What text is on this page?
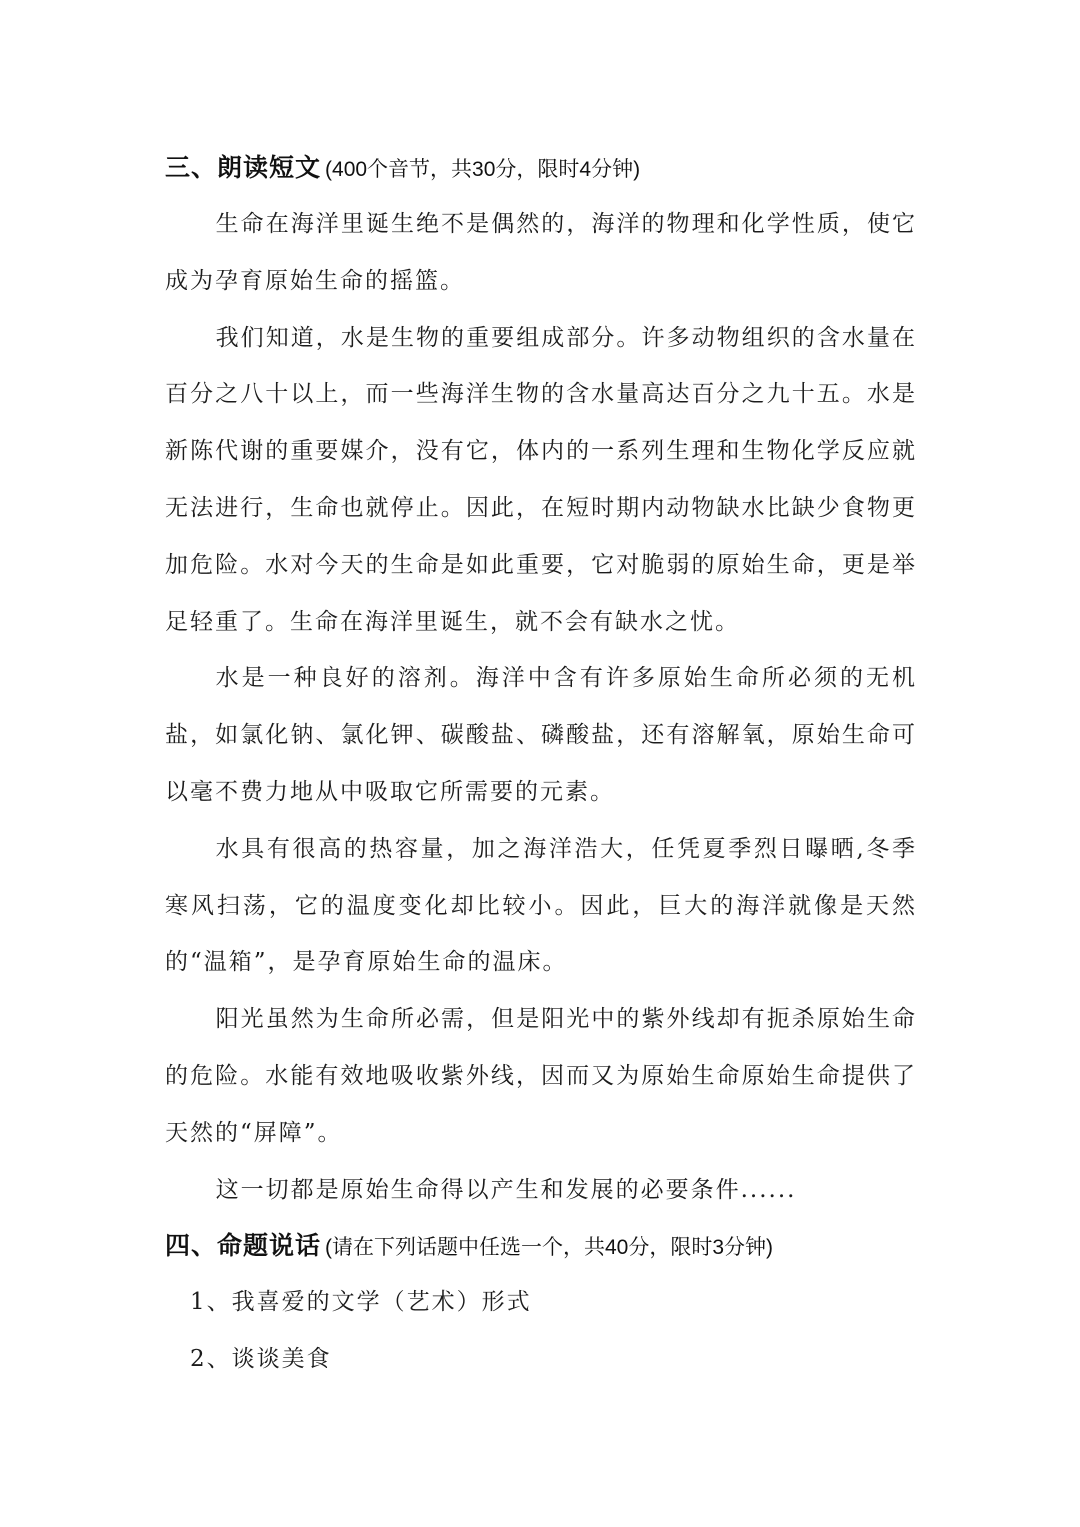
三、朗读短文 (400个音节，共30分，限时4分钟)

生命在海洋里诞生绝不是偶然的，海洋的物理和化学性质，使它成为孕育原始生命的摇篮。

我们知道，水是生物的重要组成部分。许多动物组织的含水量在百分之八十以上，而一些海洋生物的含水量高达百分之九十五。水是新陈代谢的重要媒介，没有它，体内的一系列生理和生物化学反应就无法进行，生命也就停止。因此，在短时期内动物缺水比缺少食物更加危险。水对今天的生命是如此重要，它对脆弱的原始生命，更是举足轻重了。生命在海洋里诞生，就不会有缺水之忧。

水是一种良好的溶剂。海洋中含有许多原始生命所必须的无机盐，如氯化钠、氯化钾、碳酸盐、磷酸盐，还有溶解氧，原始生命可以毫不费力地从中吸取它所需要的元素。

水具有很高的热容量，加之海洋浩大，任凭夏季烈日曝晒,冬季寒风扫荡，它的温度变化却比较小。因此，巨大的海洋就像是天然的“温箱”，是孕育原始生命的温床。

阳光虽然为生命所必需，但是阳光中的紫外线却有扼杀原始生命的危险。水能有效地吸收紫外线，因而又为原始生命原始生命提供了天然的“屏障”。

这一切都是原始生命得以产生和发展的必要条件......

四、命题说话 (请在下列话题中任选一个，共40分，限时3分钟)

1、我喜爱的文学（艺术）形式

2、谈谈美食
